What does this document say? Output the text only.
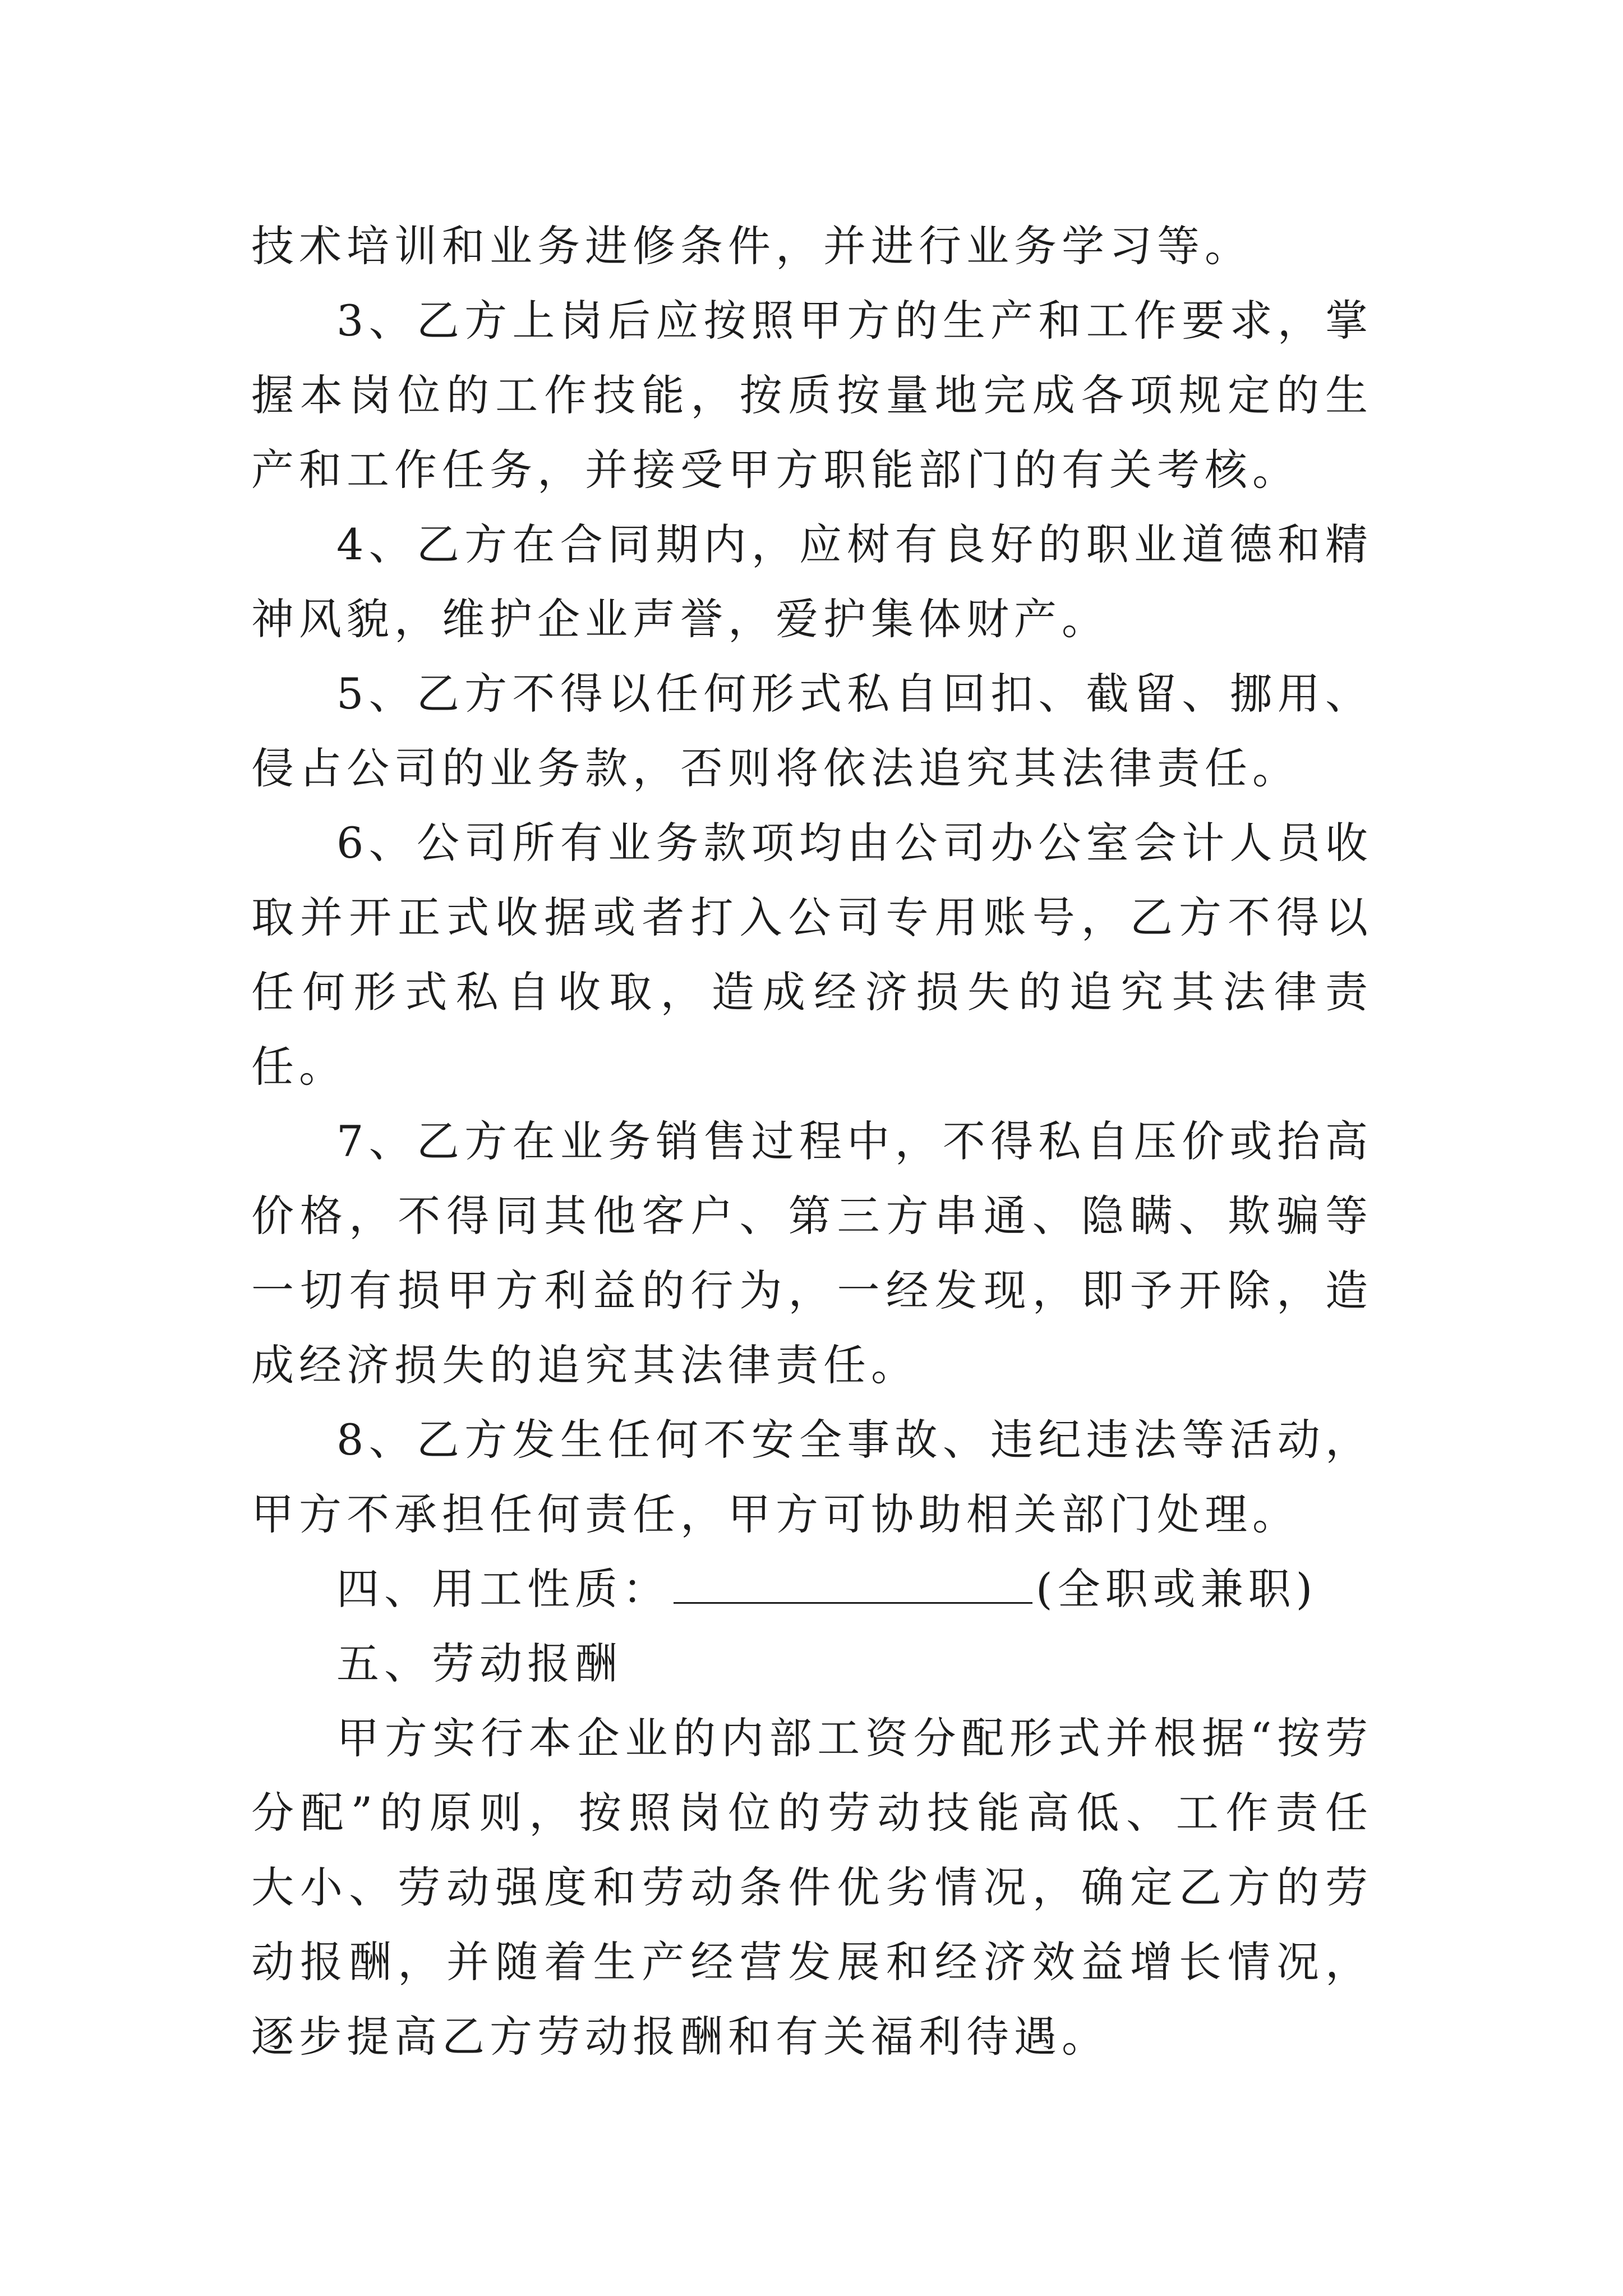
技术培训和业务进修条件，并进行业务学习等。

3、乙方上岗后应按照甲方的生产和工作要求，掌握本岗位的工作技能，按质按量地完成各项规定的生产和工作任务，并接受甲方职能部门的有关考核。

4、乙方在合同期内，应树有良好的职业道德和精神风貌，维护企业声誉，爱护集体财产。

5、乙方不得以任何形式私自回扣、截留、挪用、侵占公司的业务款，否则将依法追究其法律责任。

6、公司所有业务款项均由公司办公室会计人员收取并开正式收据或者打入公司专用账号，乙方不得以任何形式私自收取，造成经济损失的追究其法律责任。

7、乙方在业务销售过程中，不得私自压价或抬高价格，不得同其他客户、第三方串通、隐瞒、欺骗等一切有损甲方利益的行为，一经发现，即予开除，造成经济损失的追究其法律责任。

8、乙方发生任何不安全事故、违纪违法等活动，甲方不承担任何责任，甲方可协助相关部门处理。

四、用工性质：	(全职或兼职)

五、劳动报酬

甲方实行本企业的内部工资分配形式并根据“按劳分配”的原则，按照岗位的劳动技能高低、工作责任大小、劳动强度和劳动条件优劣情况，确定乙方的劳动报酬，并随着生产经营发展和经济效益增长情况，逐步提高乙方劳动报酬和有关福利待遇。
